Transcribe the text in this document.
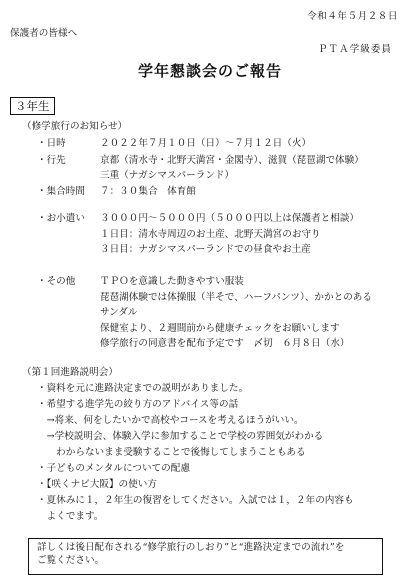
令和４年５月２８日
保護者の皆様へ
ＰＴＡ学級委員
学年懇談会のご報告
３年生
（修学旅行のお知らせ）
・日時	２０２２年７月１０日（日）～７月１２日（火）
・行先	京都（清水寺・北野天満宮・金閣寺）、滋賀（琵琶湖で体験）
三重（ナガシマスパーランド）
・集合時間 ７：３０集合　体育館
・お小遣い ３０００円～５０００円（５０００円以上は保護者と相談）
１日目：清水寺周辺のお土産、北野天満宮のお守り
３日目：ナガシマスパーランドでの昼食やお土産
・その他	ＴＰＯを意識した動きやすい服装
琵琶湖体験では体操服（半そで、ハーフパンツ）、かかとのある
サンダル
保健室より、２週間前から健康チェックをお願いします
修学旅行の同意書を配布予定です　〆切　６月８日（水）
（第１回進路説明会）
・資料を元に進路決定までの説明がありました。
・希望する進学先の絞り方のアドバイス等の話
　→将来、何をしたいかで高校やコースを考えるほうがいい。
　→学校説明会、体験入学に参加することで学校の雰囲気がわかる
　　わからないまま受験することで後悔してしまうこともある
・子どものメンタルについての配慮
・【咲くナビ大阪】の使い方
・夏休みに１，２年生の復習をしてください。入試では１，２年の内容も
　よくでます。
詳しくは後日配布される“修学旅行のしおり”と“進路決定までの流れ”を
ご覧ください。
